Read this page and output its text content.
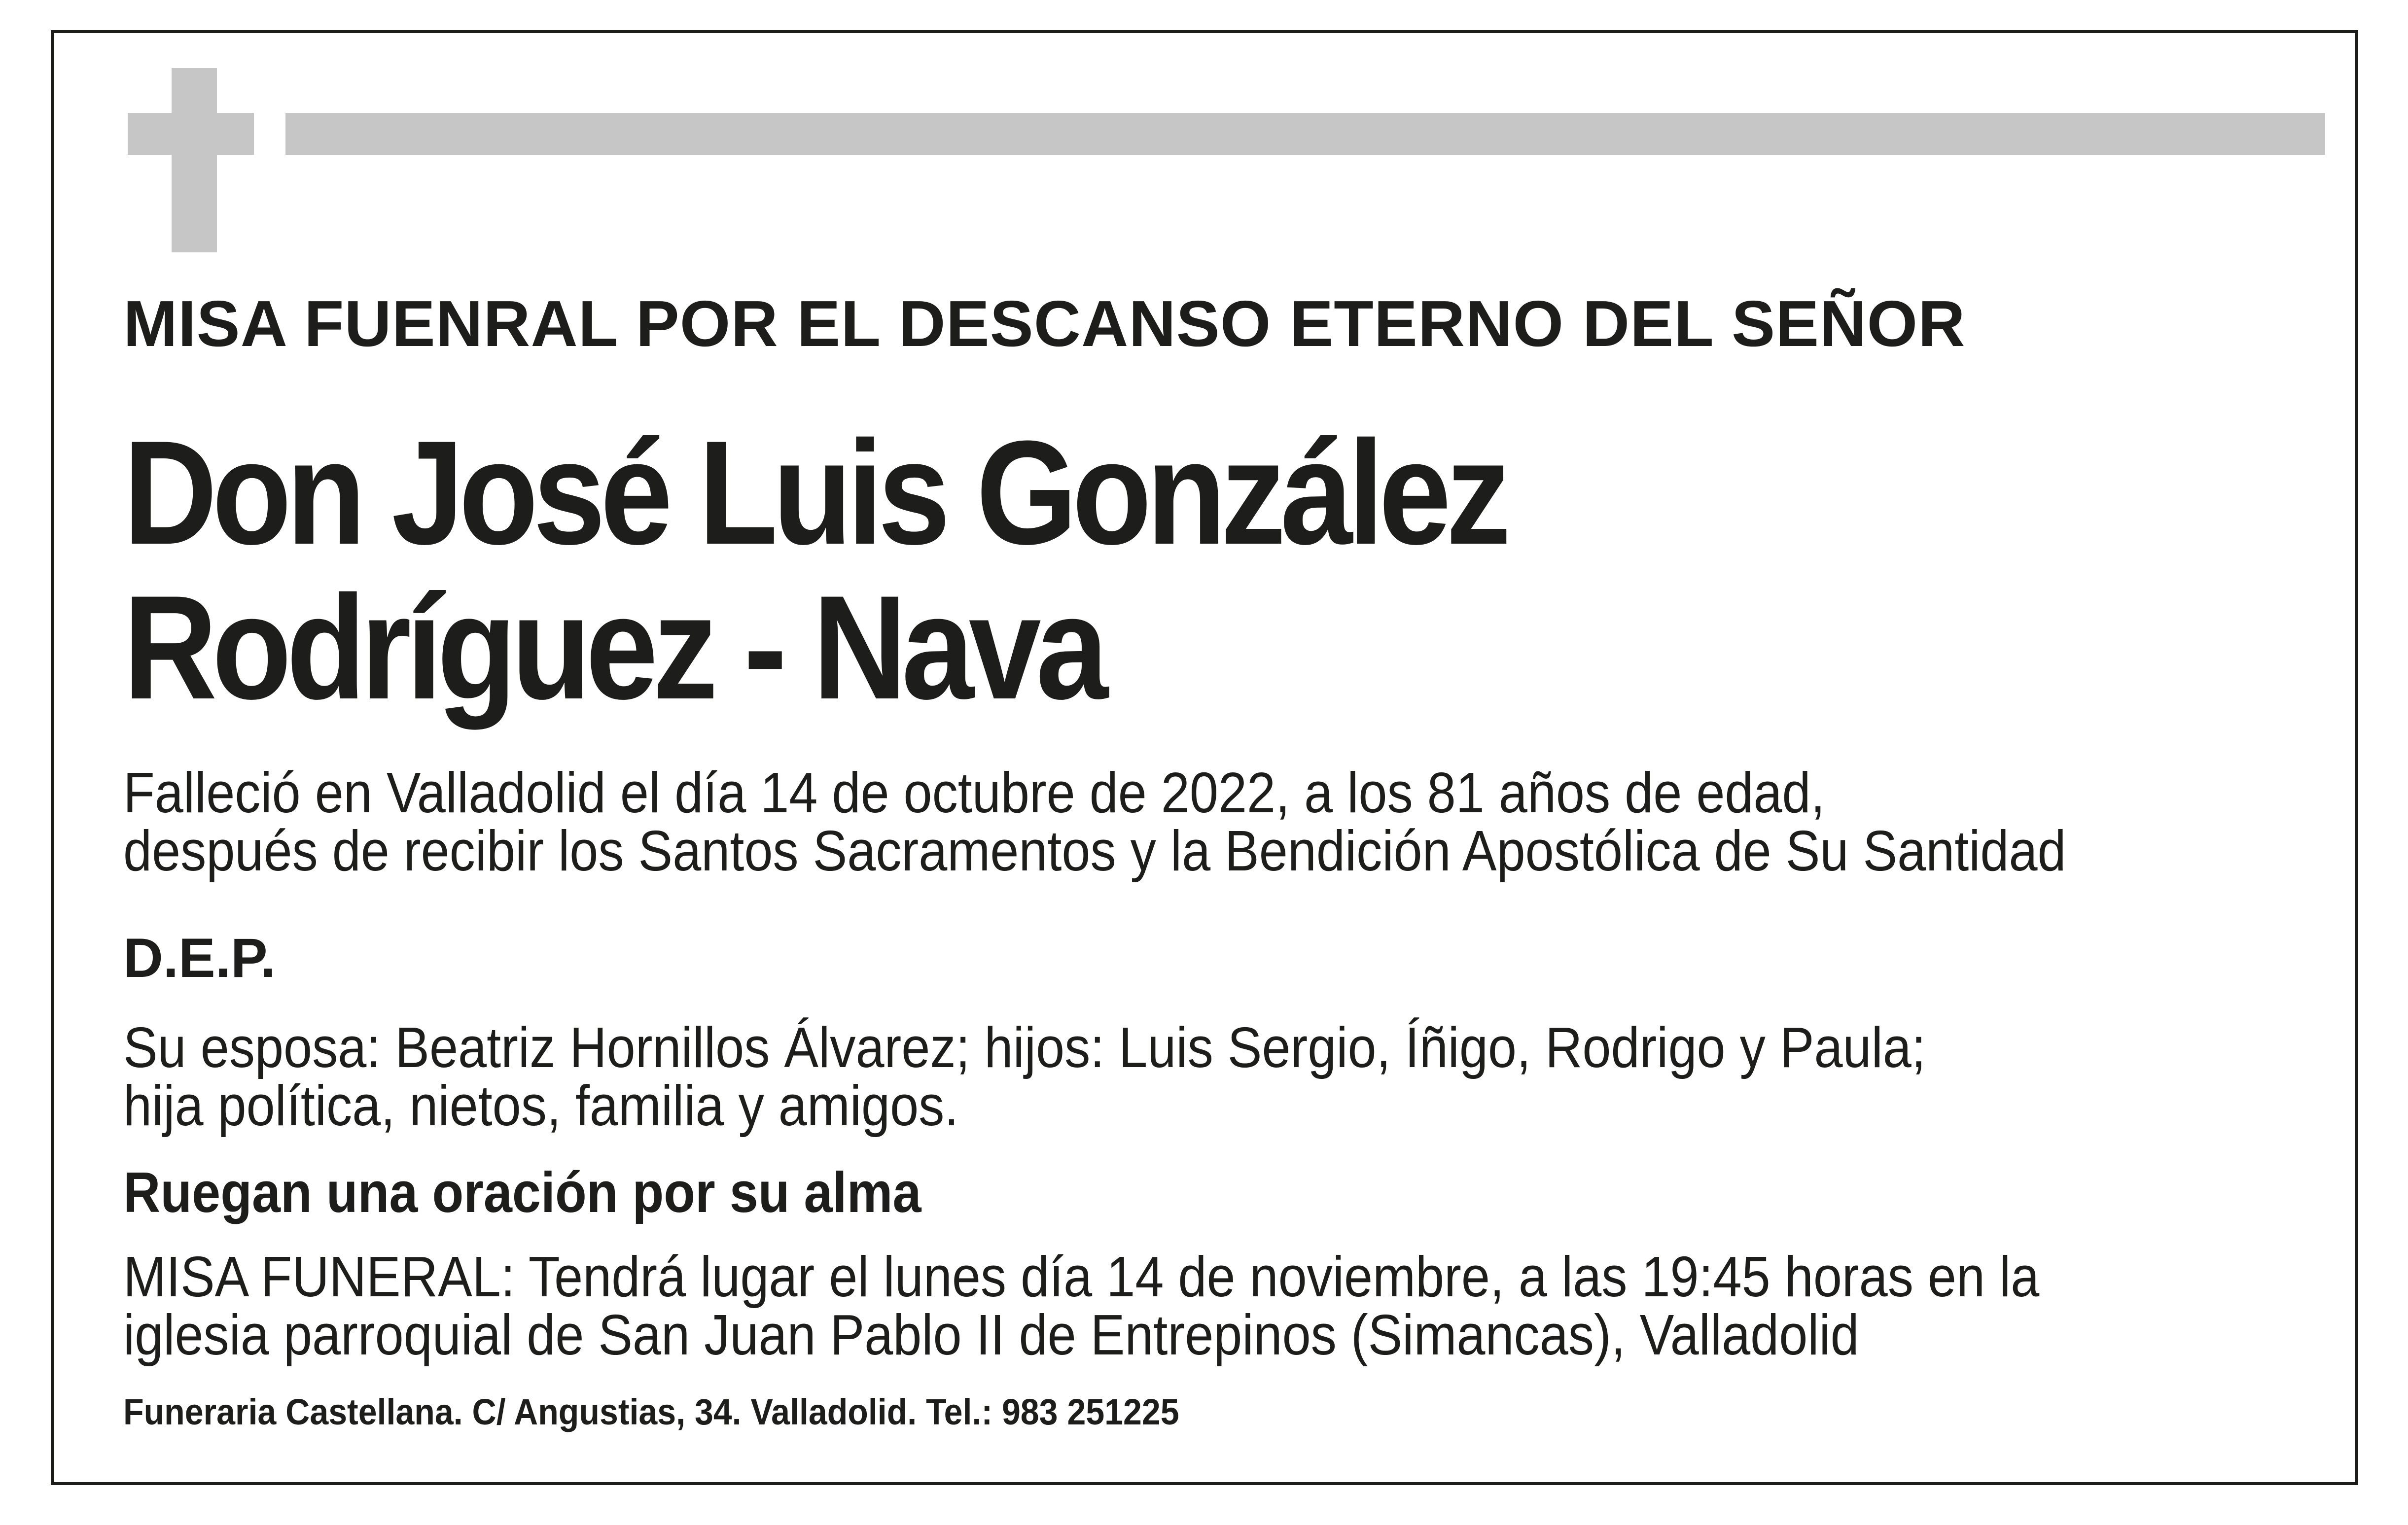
MISA FUENRAL POR EL DESCANSO ETERNO DEL SEÑOR
Don José Luis González
Rodríguez - Nava

Falleció en Valladolid el día 14 de octubre de 2022, a los 81 años de edad,
después de recibir los Santos Sacramentos y la Bendición Apostólica de Su Santidad

D.E.P.

Su esposa: Beatriz Hornillos Álvarez; hijos: Luis Sergio, Íñigo, Rodrigo y Paula;
hija política, nietos, familia y amigos.

Ruegan una oración por su alma

MISA FUNERAL: Tendrá lugar el lunes día 14 de noviembre, a las 19:45 horas en la
iglesia parroquial de San Juan Pablo II de Entrepinos (Simancas), Valladolid

Funeraria Castellana. C/ Angustias, 34. Valladolid. Tel.: 983 251225
